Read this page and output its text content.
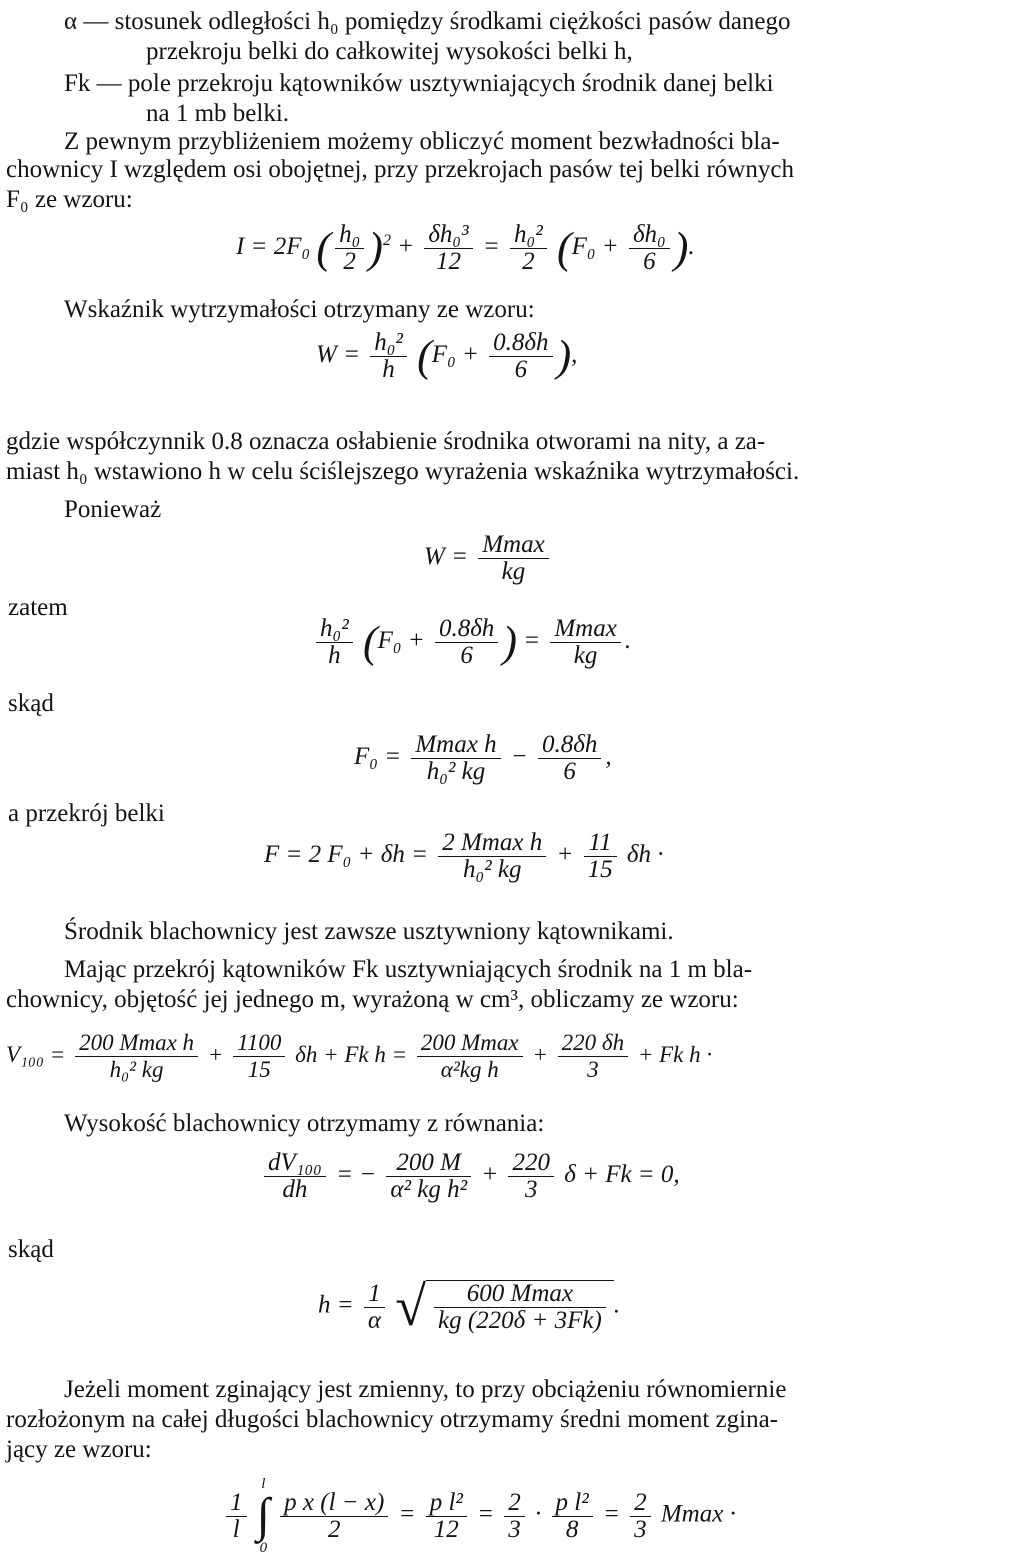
α — stosunek odległości h₀ pomiędzy środkami ciężkości pasów danego
przekroju belki do całkowitej wysokości belki h,
Fk — pole przekroju kątowników usztywniających środnik danej belki
na 1 mb belki.
Z pewnym przybliżeniem możemy obliczyć moment bezwładności bla-
chownicy I względem osi obojętnej, przy przekrojach pasów tej belki równych
F₀ ze wzoru:
I = 2F₀ ( $\frac{\text{h₀}}{2} )^2 + \frac{\text{δh₀³}}{12} = \frac{\text{h₀²}}{2} (F_0 + \frac{\text{δh₀}}{6}$ ).
Wskaźnik wytrzymałości otrzymany ze wzoru:
$W = \frac{\text{h₀²}}{h} (F_0 + \frac{0.8\delta h}{6}$ ),
gdzie współczynnik 0.8 oznacza osłabienie środnika otworami na nity, a za-
miast h₀ wstawiono h w celu ściślejszego wyrażenia wskaźnika wytrzymałości.
Ponieważ
$W = \frac{Mmax}{kg}$
zatem
$\frac{\text{h₀²}}{h} (F_0 + \frac{0.8\delta h}{6}$ ) = $\frac{Mmax}{kg}$ .
skąd
$F_0 = \frac{\text{Mmax h}}{\text{h₀² kg}} - \frac{0.8\delta h}{6}$ ,
a przekrój belki
F = 2 $F_0 + \delta h = \frac{\text{2 Mmax h}}{\text{h₀² kg}} + \frac{11}{15}$ δh ·
Środnik blachownicy jest zawsze usztywniony kątownikami.
Mając przekrój kątowników Fk usztywniających środnik na 1 m bla-
chownicy, objętość jej jednego m, wyrażoną w cm³, obliczamy ze wzoru:
$V_{100} = \frac{\text{200 Mmax h}}{\text{h₀² kg}} + \frac{1100}{15}$ δh + Fk $h = \frac{200 Mmax}{\text{α²kg h}} + \frac{220 \delta h}{3} + Fk$ h ·
Wysokość blachownicy otrzymamy z równania:
$\frac{\text{dV₁₀₀}}{dh}$ = − $\frac{200 M}{\text{α² kg h²}} + \frac{220}{3}$ δ + Fk = 0,
skąd
$h = \frac{1}{\alpha}$ √ $\frac{600 Mmax}{kg (220\delta + 3Fk)}$ .
Jeżeli moment zginający jest zmienny, to przy obciążeniu równomiernie
rozłożonym na całej długości blachownicy otrzymamy średni moment zgina-
jący ze wzoru:
$\frac{1}{l}$

l
∫
0

$\frac{\text{p x (l − x)}}{2} = \frac{\text{p l²}}{12} = \frac{2}{3} \cdot \frac{\text{p l²}}{8} = \frac{2}{3}$ Mmax ·
